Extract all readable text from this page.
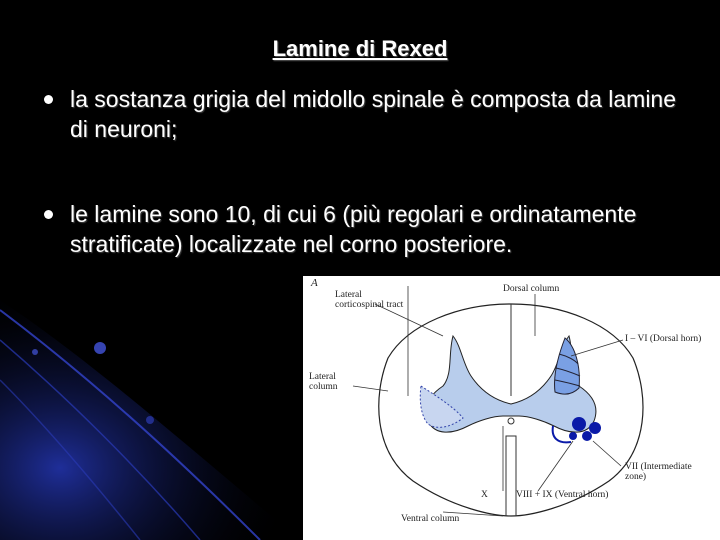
Lamine di Rexed
la sostanza grigia del midollo spinale è composta da lamine di neuroni;
le lamine sono 10, di cui 6 (più regolari e ordinatamente stratificate) localizzate nel corno posteriore.
A
Lateral corticospinal tract
Dorsal column
I – VI (Dorsal horn)
Lateral column
VII (Intermediate zone)
X	VIII + IX (Ventral horn)
Ventral column
